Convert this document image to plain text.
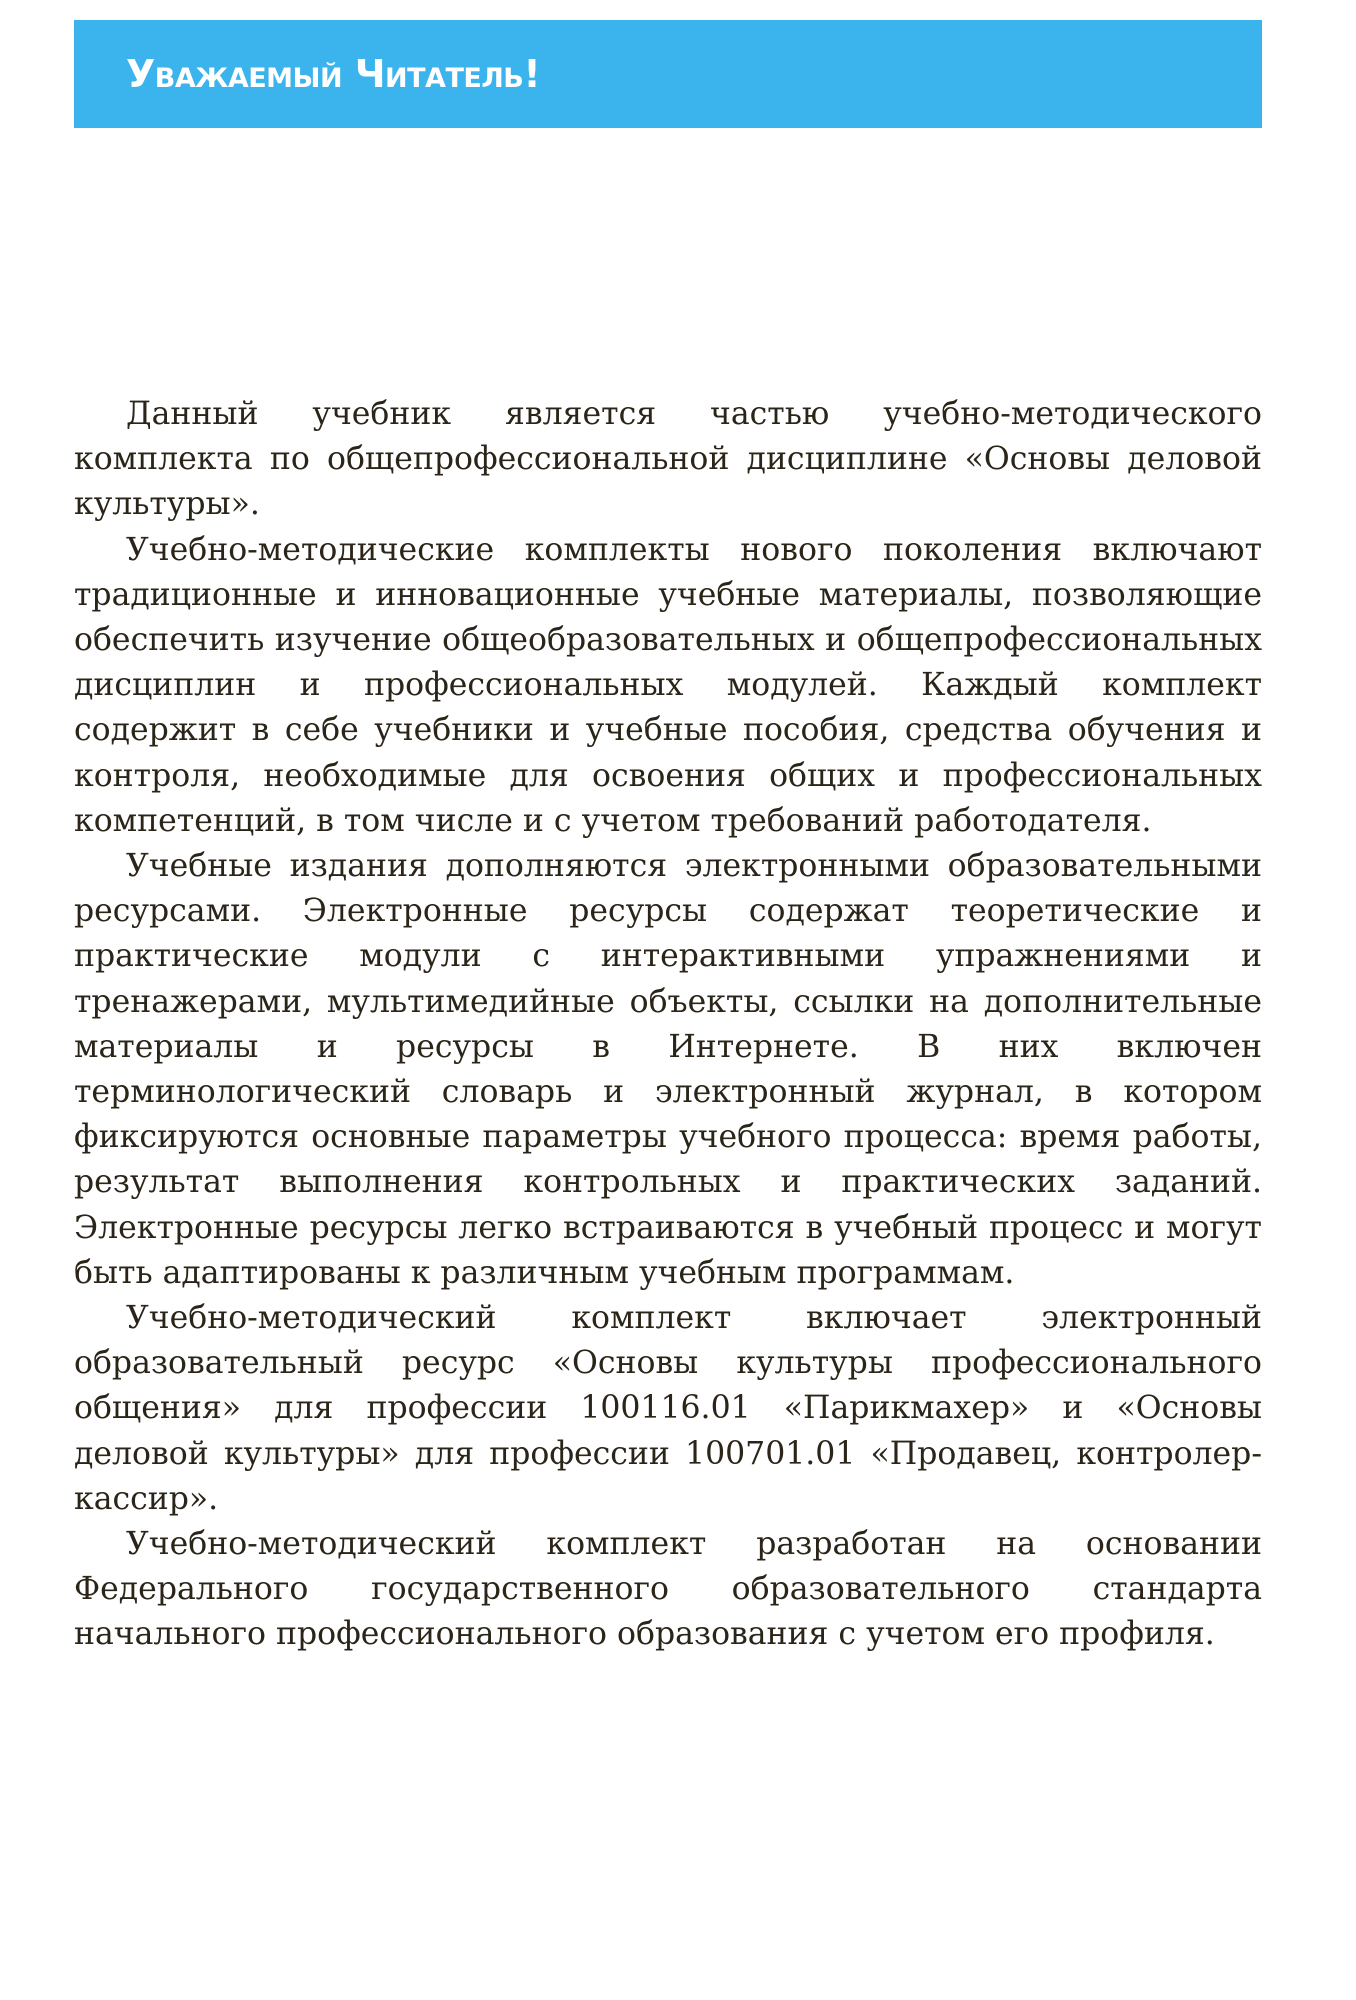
Уважаемый Читатель!

Данный учебник является частью учебно-методического комплекта по общепрофессиональной дисциплине «Основы деловой культуры».

Учебно-методические комплекты нового поколения включают традиционные и инновационные учебные материалы, позволяющие обеспечить изучение общеобразовательных и общепрофессиональных дисциплин и профессиональных модулей. Каждый комплект содержит в себе учебники и учебные пособия, средства обучения и контроля, необходимые для освоения общих и профессиональных компетенций, в том числе и с учетом требований работодателя.

Учебные издания дополняются электронными образовательными ресурсами. Электронные ресурсы содержат теоретические и практические модули с интерактивными упражнениями и тренажерами, мультимедийные объекты, ссылки на дополнительные материалы и ресурсы в Интернете. В них включен терминологический словарь и электронный журнал, в котором фиксируются основные параметры учебного процесса: время работы, результат выполнения контрольных и практических заданий. Электронные ресурсы легко встраиваются в учебный процесс и могут быть адаптированы к различным учебным программам.

Учебно-методический комплект включает электронный образовательный ресурс «Основы культуры профессионального общения» для профессии 100116.01 «Парикмахер» и «Основы деловой культуры» для профессии 100701.01 «Продавец, контролер-кассир».

Учебно-методический комплект разработан на основании Федерального государственного образовательного стандарта начального профессионального образования с учетом его профиля.
